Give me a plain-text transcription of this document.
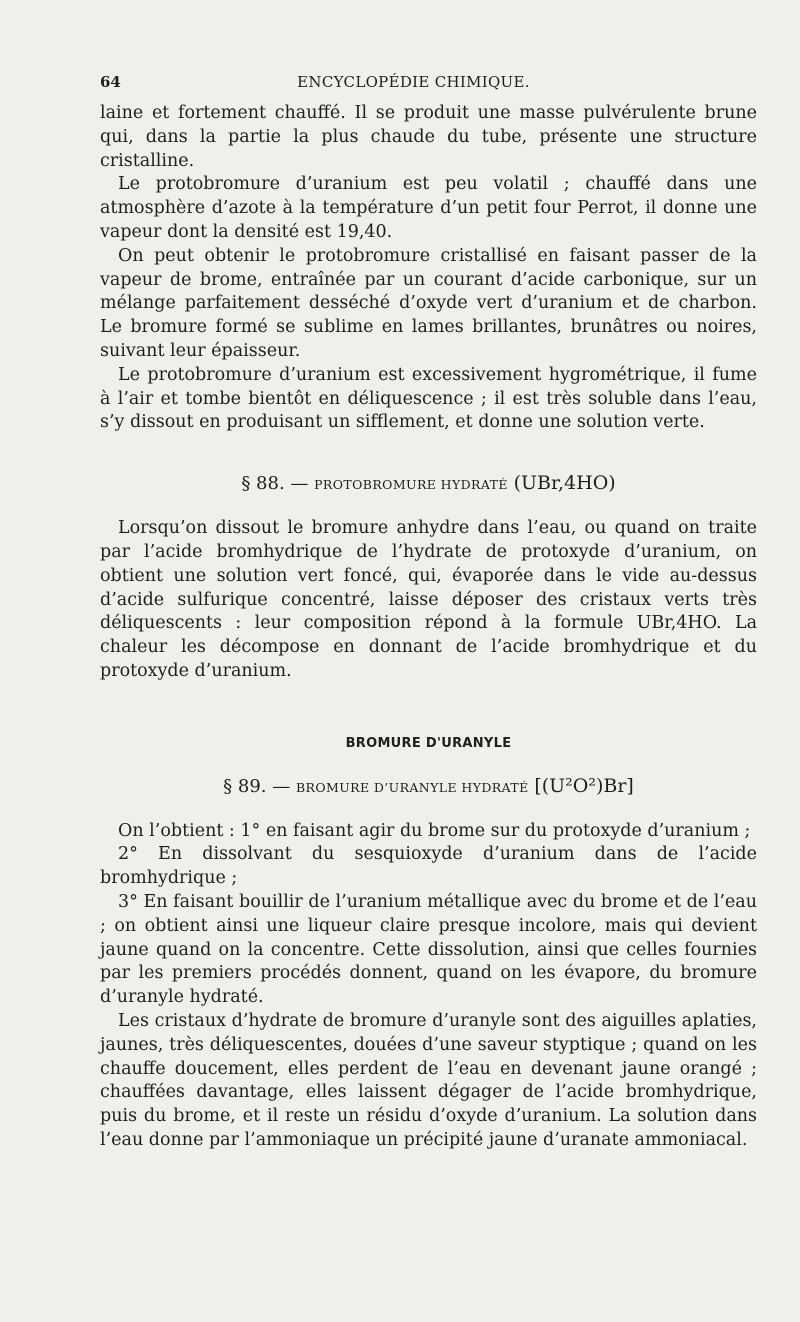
64	ENCYCLOPÉDIE CHIMIQUE.

laine et fortement chauffé. Il se produit une masse pulvérulente brune qui, dans la partie la plus chaude du tube, présente une structure cristalline.

Le protobromure d’uranium est peu volatil ; chauffé dans une atmosphère d’azote à la température d’un petit four Perrot, il donne une vapeur dont la densité est 19,40.

On peut obtenir le protobromure cristallisé en faisant passer de la vapeur de brome, entraînée par un courant d’acide carbonique, sur un mélange parfaitement desséché d’oxyde vert d’uranium et de charbon. Le bromure formé se sublime en lames brillantes, brunâtres ou noires, suivant leur épaisseur.

Le protobromure d’uranium est excessivement hygrométrique, il fume à l’air et tombe bientôt en déliquescence ; il est très soluble dans l’eau, s’y dissout en produisant un sifflement, et donne une solution verte.

§ 88. — PROTOBROMURE HYDRATÉ (UBr,4HO)

Lorsqu’on dissout le bromure anhydre dans l’eau, ou quand on traite par l’acide bromhydrique de l’hydrate de protoxyde d’uranium, on obtient une solution vert foncé, qui, évaporée dans le vide au-dessus d’acide sulfurique concentré, laisse déposer des cristaux verts très déliquescents : leur composition répond à la formule UBr,4HO. La chaleur les décompose en donnant de l’acide bromhydrique et du protoxyde d’uranium.

BROMURE D'URANYLE
§ 89. — BROMURE D’URANYLE HYDRATÉ [(U²O²)Br]

On l’obtient : 1° en faisant agir du brome sur du protoxyde d’uranium ;

2° En dissolvant du sesquioxyde d’uranium dans de l’acide bromhydrique ;

3° En faisant bouillir de l’uranium métallique avec du brome et de l’eau ; on obtient ainsi une liqueur claire presque incolore, mais qui devient jaune quand on la concentre. Cette dissolution, ainsi que celles fournies par les premiers procédés donnent, quand on les évapore, du bromure d’uranyle hydraté.

Les cristaux d’hydrate de bromure d’uranyle sont des aiguilles aplaties, jaunes, très déliquescentes, douées d’une saveur styptique ; quand on les chauffe doucement, elles perdent de l’eau en devenant jaune orangé ; chauffées davantage, elles laissent dégager de l’acide bromhydrique, puis du brome, et il reste un résidu d’oxyde d’uranium. La solution dans l’eau donne par l’ammoniaque un précipité jaune d’uranate ammoniacal.
